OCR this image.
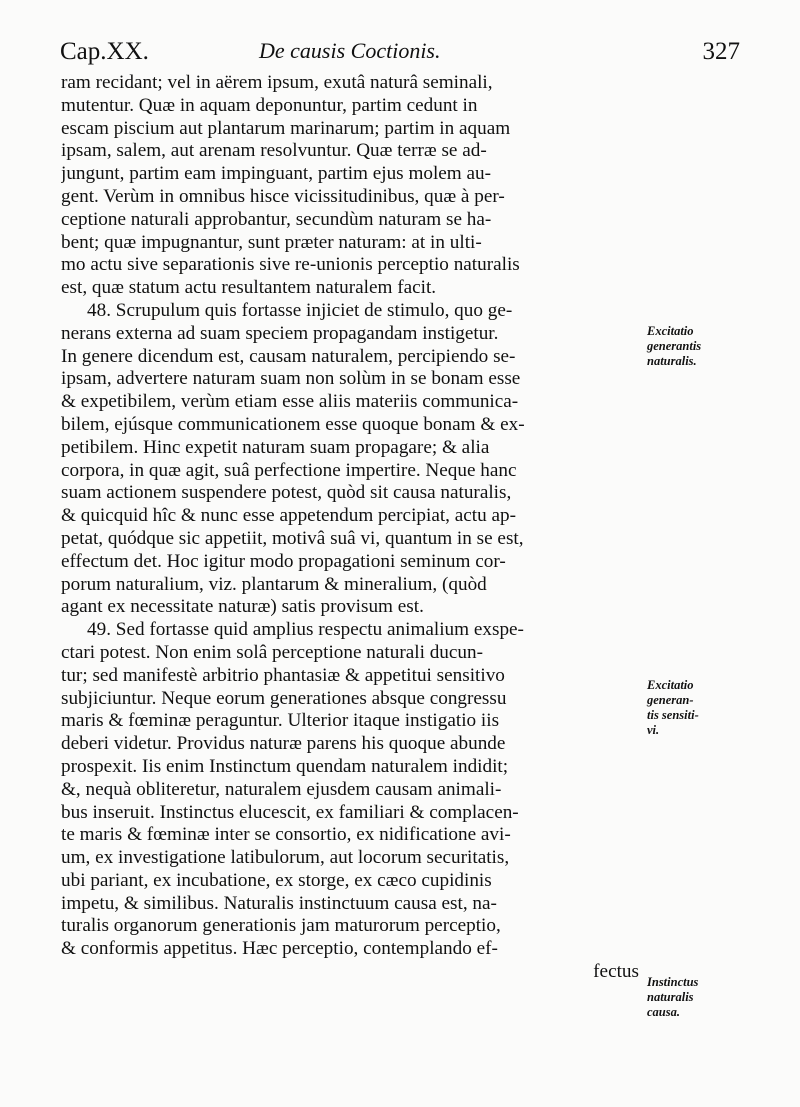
Cap.XX.	De causis Coctionis.	327
ram recidant; vel in aërem ipsum, exutâ naturâ seminali,
mutentur. Quæ in aquam deponuntur, partim cedunt in
escam piscium aut plantarum marinarum; partim in aquam
ipsam, salem, aut arenam resolvuntur. Quæ terræ se ad-
jungunt, partim eam impinguant, partim ejus molem au-
gent. Verùm in omnibus hisce vicissitudinibus, quæ à per-
ceptione naturali approbantur, secundùm naturam se ha-
bent; quæ impugnantur, sunt præter naturam: at in ulti-
mo actu sive separationis sive re-unionis perceptio naturalis
est, quæ statum actu resultantem naturalem facit.
48. Scrupulum quis fortasse injiciet de stimulo, quo ge-
nerans externa ad suam speciem propagandam instigetur.
In genere dicendum est, causam naturalem, percipiendo se-
ipsam, advertere naturam suam non solùm in se bonam esse
& expetibilem, verùm etiam esse aliis materiis communica-
bilem, ejúsque communicationem esse quoque bonam & ex-
petibilem. Hinc expetit naturam suam propagare; & alia
corpora, in quæ agit, suâ perfectione impertire. Neque hanc
suam actionem suspendere potest, quòd sit causa naturalis,
& quicquid hîc & nunc esse appetendum percipiat, actu ap-
petat, quódque sic appetiit, motivâ suâ vi, quantum in se est,
effectum det. Hoc igitur modo propagationi seminum cor-
porum naturalium, viz. plantarum & mineralium, (quòd
agant ex necessitate naturæ) satis provisum est.
49. Sed fortasse quid amplius respectu animalium exspe-
ctari potest. Non enim solâ perceptione naturali ducun-
tur; sed manifestè arbitrio phantasiæ & appetitui sensitivo
subjiciuntur. Neque eorum generationes absque congressu
maris & fœminæ peraguntur. Ulterior itaque instigatio iis
deberi videtur. Providus naturæ parens his quoque abunde
prospexit. Iis enim Instinctum quendam naturalem indidit;
&, nequà obliteretur, naturalem ejusdem causam animali-
bus inseruit. Instinctus elucescit, ex familiari & complacen-
te maris & fœminæ inter se consortio, ex nidificatione avi-
um, ex investigatione latibulorum, aut locorum securitatis,
ubi pariant, ex incubatione, ex storge, ex cæco cupidinis
impetu, & similibus. Naturalis instinctuum causa est, na-
turalis organorum generationis jam maturorum perceptio,
& conformis appetitus. Hæc perceptio, contemplando ef-
fectus
Excitatio
generantis
naturalis.
Excitatio
generan-
tis sensiti-
vi.
Instinctus
naturalis
causa.
